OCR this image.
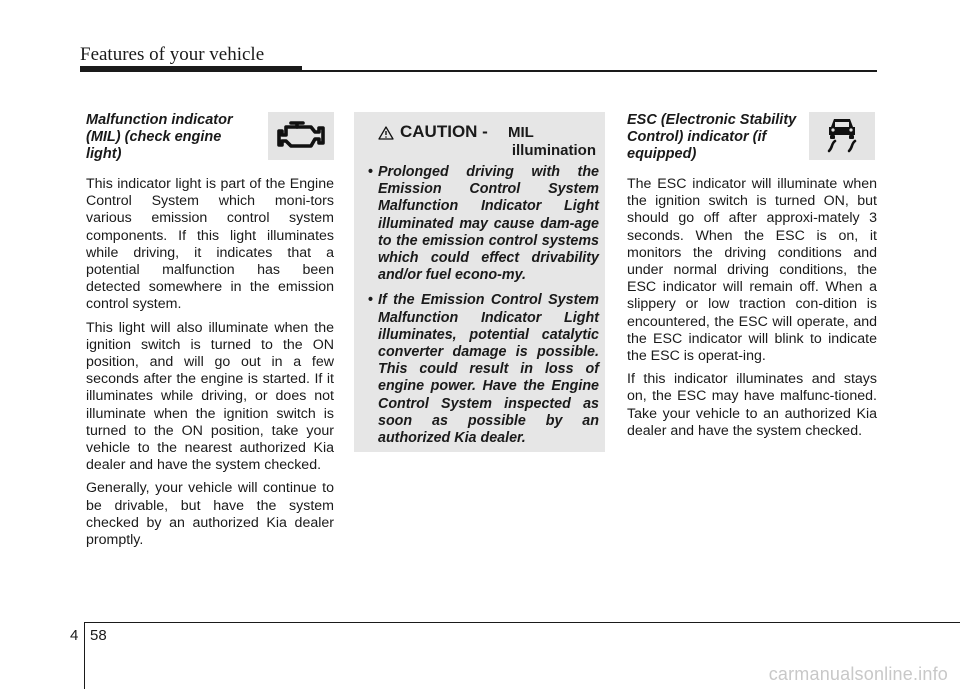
Features of your vehicle
Malfunction indicator (MIL) (check engine light)

This indicator light is part of the Engine Control System which moni-tors various emission control system components. If this light illuminates while driving, it indicates that a potential malfunction has been detected somewhere in the emission control system.

This light will also illuminate when the ignition switch is turned to the ON position, and will go out in a few seconds after the engine is started. If it illuminates while driving, or does not illuminate when the ignition switch is turned to the ON position, take your vehicle to the nearest authorized Kia dealer and have the system checked.

Generally, your vehicle will continue to be drivable, but have the system checked by an authorized Kia dealer promptly.

CAUTION - MIL
illumination
• Prolonged driving with the Emission Control System Malfunction Indicator Light illuminated may cause dam-age to the emission control systems which could effect drivability and/or fuel econo-my.
• If the Emission Control System Malfunction Indicator Light illuminates, potential catalytic converter damage is possible. This could result in loss of engine power. Have the Engine Control System inspected as soon as possible by an authorized Kia dealer.
ESC (Electronic Stability Control) indicator (if equipped)

The ESC indicator will illuminate when the ignition switch is turned ON, but should go off after approxi-mately 3 seconds. When the ESC is on, it monitors the driving conditions and under normal driving conditions, the ESC indicator will remain off. When a slippery or low traction con-dition is encountered, the ESC will operate, and the ESC indicator will blink to indicate the ESC is operat-ing.

If this indicator illuminates and stays on, the ESC may have malfunc-tioned. Take your vehicle to an authorized Kia dealer and have the system checked.

4 58
carmanualsonline.info
